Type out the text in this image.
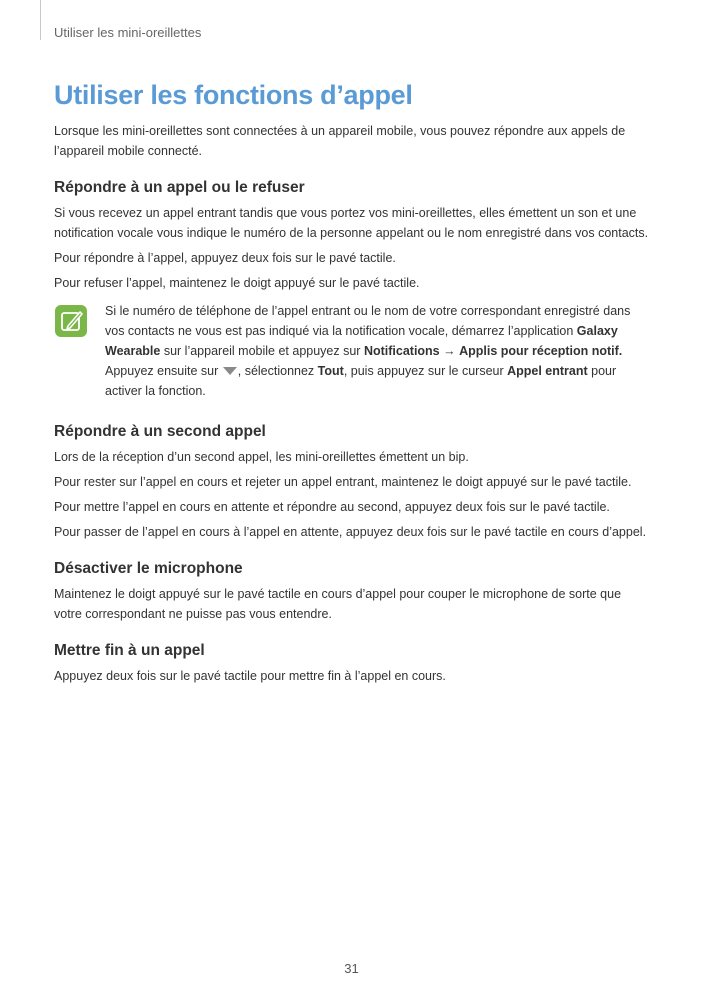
Utiliser les mini-oreillettes
Utiliser les fonctions d’appel

Lorsque les mini-oreillettes sont connectées à un appareil mobile, vous pouvez répondre aux appels de l’appareil mobile connecté.

Répondre à un appel ou le refuser

Si vous recevez un appel entrant tandis que vous portez vos mini-oreillettes, elles émettent un son et une notification vocale vous indique le numéro de la personne appelant ou le nom enregistré dans vos contacts.

Pour répondre à l’appel, appuyez deux fois sur le pavé tactile.

Pour refuser l’appel, maintenez le doigt appuyé sur le pavé tactile.

Si le numéro de téléphone de l’appel entrant ou le nom de votre correspondant enregistré dans vos contacts ne vous est pas indiqué via la notification vocale, démarrez l’application Galaxy Wearable sur l’appareil mobile et appuyez sur Notifications → Applis pour réception notif. Appuyez ensuite sur , sélectionnez Tout, puis appuyez sur le curseur Appel entrant pour activer la fonction.

Répondre à un second appel

Lors de la réception d’un second appel, les mini-oreillettes émettent un bip.

Pour rester sur l’appel en cours et rejeter un appel entrant, maintenez le doigt appuyé sur le pavé tactile.

Pour mettre l’appel en cours en attente et répondre au second, appuyez deux fois sur le pavé tactile.

Pour passer de l’appel en cours à l’appel en attente, appuyez deux fois sur le pavé tactile en cours d’appel.

Désactiver le microphone

Maintenez le doigt appuyé sur le pavé tactile en cours d’appel pour couper le microphone de sorte que votre correspondant ne puisse pas vous entendre.

Mettre fin à un appel

Appuyez deux fois sur le pavé tactile pour mettre fin à l’appel en cours.

31
